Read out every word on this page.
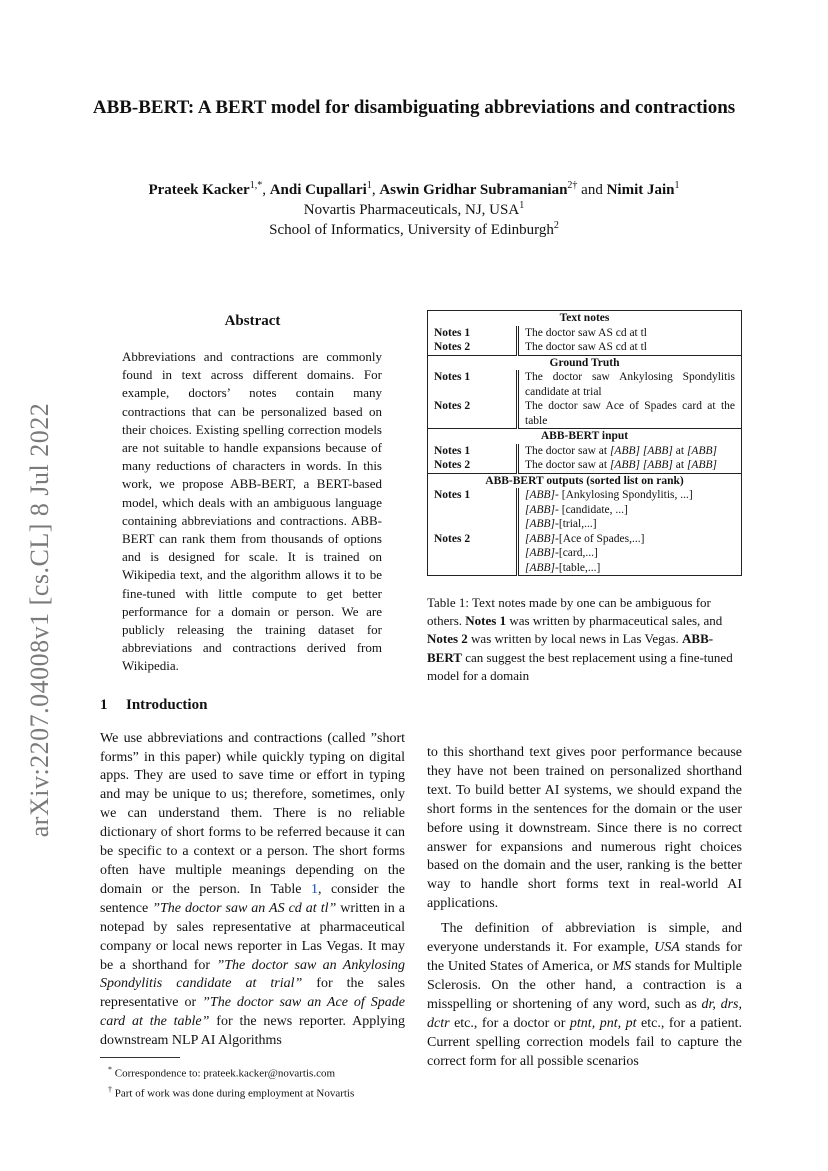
ABB-BERT: A BERT model for disambiguating abbreviations and contractions
Prateek Kacker$^{1,*}$, Andi Cupallari$^1$, Aswin Gridhar Subramanian$^{2\dagger}$ and Nimit Jain$^1$
Novartis Pharmaceuticals, NJ, USA$^1$
School of Informatics, University of Edinburgh$^2$
arXiv:2207.04008v1 [cs.CL] 8 Jul 2022
Abstract
Abbreviations and contractions are commonly found in text across different domains. For example, doctors’ notes contain many contractions that can be personalized based on their choices. Existing spelling correction models are not suitable to handle expansions because of many reductions of characters in words. In this work, we propose ABB-BERT, a BERT-based model, which deals with an ambiguous language containing abbreviations and contractions. ABB-BERT can rank them from thousands of options and is designed for scale. It is trained on Wikipedia text, and the algorithm allows it to be fine-tuned with little compute to get better performance for a domain or person. We are publicly releasing the training dataset for abbreviations and contractions derived from Wikipedia.
1 Introduction
We use abbreviations and contractions (called ”short forms” in this paper) while quickly typing on digital apps. They are used to save time or effort in typing and may be unique to us; therefore, sometimes, only we can understand them. There is no reliable dictionary of short forms to be referred because it can be specific to a context or a person. The short forms often have multiple meanings depending on the domain or the person. In Table 1, consider the sentence ”The doctor saw an AS cd at tl” written in a notepad by sales representative at pharmaceutical company or local news reporter in Las Vegas. It may be a shorthand for ”The doctor saw an Ankylosing Spondylitis candidate at trial” for the sales representative or ”The doctor saw an Ace of Spade card at the table” for the news reporter. Applying downstream NLP AI Algorithms
* Correspondence to: prateek.kacker@novartis.com
† Part of work was done during employment at Novartis
Text notes	
Notes 1	The doctor saw AS cd at tl

Notes 2	The doctor saw AS cd at tl

Ground Truth	
Notes 1	The doctor saw Ankylosing Spondylitis candidate at trial

Notes 2	The doctor saw Ace of Spades card at the table

ABB-BERT input	
Notes 1	The doctor saw at [ABB] [ABB] at [ABB]

Notes 2	The doctor saw at [ABB] [ABB] at [ABB]

ABB-BERT outputs (sorted list on rank)	
Notes 1	[ABB]- [Ankylosing Spondylitis, ...]
[ABB]- [candidate, ...]
[ABB]-[trial,...]

Notes 2	[ABB]-[Ace of Spades,...]
[ABB]-[card,...]
[ABB]-[table,...]
Table 1: Text notes made by one can be ambiguous for others. Notes 1 was written by pharmaceutical sales, and Notes 2 was written by local news in Las Vegas. ABB-BERT can suggest the best replacement using a fine-tuned model for a domain

to this shorthand text gives poor performance because they have not been trained on personalized shorthand text. To build better AI systems, we should expand the short forms in the sentences for the domain or the user before using it downstream. Since there is no correct answer for expansions and numerous right choices based on the domain and the user, ranking is the better way to handle short forms text in real-world AI applications.

The definition of abbreviation is simple, and everyone understands it. For example, USA stands for the United States of America, or MS stands for Multiple Sclerosis. On the other hand, a contraction is a misspelling or shortening of any word, such as dr, drs, dctr etc., for a doctor or ptnt, pnt, pt etc., for a patient. Current spelling correction models fail to capture the correct form for all possible scenarios
